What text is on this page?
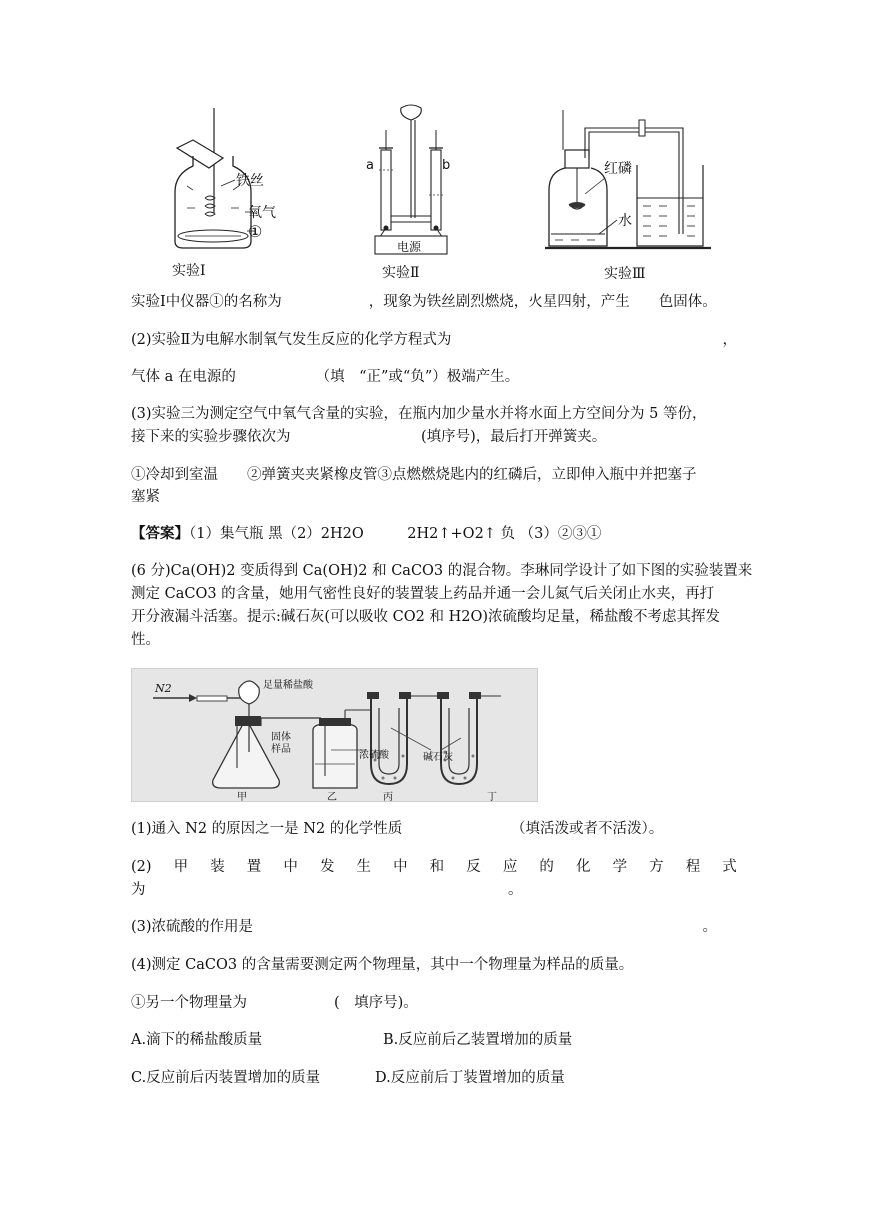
铁丝
氧气
①
实验Ⅰ
a	b
电源
实验Ⅱ
红磷
水
实验Ⅲ
实验Ⅰ中仪器①的名称为　　　　　　，现象为铁丝剧烈燃烧，火星四射，产生　　色固体。
(2)实验Ⅱ为电解水制氧气发生反应的化学方程式为	，
气体 a 在电源的　　　　　　（填　“正”或“负”）极端产生。
(3)实验三为测定空气中氧气含量的实验，在瓶内加少量水并将水面上方空间分为 5 等份，
接下来的实验步骤依次为　　　　　　　　　(填序号)，最后打开弹簧夹。
①冷却到室温　　②弹簧夹夹紧橡皮管③点燃燃烧匙内的红磷后，立即伸入瓶中并把塞子
塞紧
【答案】（1）集气瓶 黑（2）2H2O　　　2H2↑+O2↑ 负 （3）②③①
(6 分)Ca(OH)2 变质得到 Ca(OH)2 和 CaCO3 的混合物。李琳同学设计了如下图的实验装置来
测定 CaCO3 的含量，她用气密性良好的装置装上药品并通一会儿氮气后关闭止水夹，再打
开分液漏斗活塞。提示:碱石灰(可以吸收 CO2 和 H2O)浓硫酸均足量，稀盐酸不考虑其挥发
性。
N2	足量稀盐酸
固体
样品
浓硫酸	碱石灰
甲	乙	丙	丁
(1)通入 N2 的原因之一是 N2 的化学性质　　　　　　　　（填活泼或者不活泼）。
(2) 甲 装 置 中 发 生 中 和 反 应 的 化 学 方 程 式
为　　　　　　　　　　　　　　　　　　　　　　　　　。
(3)浓硫酸的作用是　　　　　　　　　　　　　　　　　　　　　　　　　　　　　　　。
(4)测定 CaCO3 的含量需要测定两个物理量，其中一个物理量为样品的质量。
①另一个物理量为　　　　　　(　填序号)。
A.滴下的稀盐酸质量	B.反应前后乙装置增加的质量
C.反应前后丙装置增加的质量	D.反应前后丁装置增加的质量
